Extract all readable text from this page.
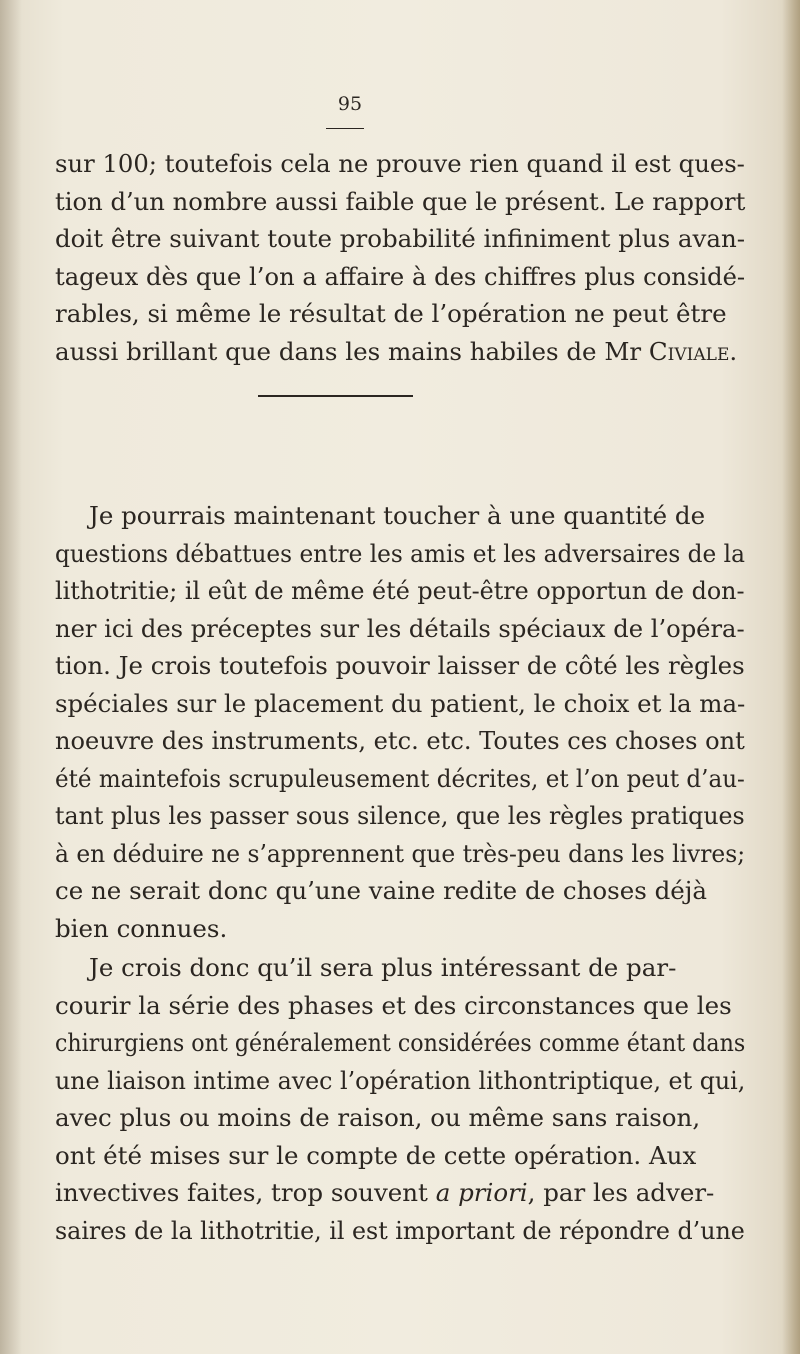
95

sur 100; toutefois cela ne prouve rien quand il est ques-
tion d’un nombre aussi faible que le présent. Le rapport
doit être suivant toute probabilité infiniment plus avan-
tageux dès que l’on a affaire à des chiffres plus considé-
rables, si même le résultat de l’opération ne peut être
aussi brillant que dans les mains habiles de Mr Civiale.

Je pourrais maintenant toucher à une quantité de
questions débattues entre les amis et les adversaires de la
lithotritie; il eût de même été peut-être opportun de don-
ner ici des préceptes sur les détails spéciaux de l’opéra-
tion. Je crois toutefois pouvoir laisser de côté les règles
spéciales sur le placement du patient, le choix et la ma-
noeuvre des instruments, etc. etc. Toutes ces choses ont
été maintefois scrupuleusement décrites, et l’on peut d’au-
tant plus les passer sous silence, que les règles pratiques
à en déduire ne s’apprennent que très-peu dans les livres;
ce ne serait donc qu’une vaine redite de choses déjà
bien connues.

Je crois donc qu’il sera plus intéressant de par-
courir la série des phases et des circonstances que les
chirurgiens ont généralement considérées comme étant dans
une liaison intime avec l’opération lithontriptique, et qui,
avec plus ou moins de raison, ou même sans raison,
ont été mises sur le compte de cette opération. Aux
invectives faites, trop souvent a priori, par les adver-
saires de la lithotritie, il est important de répondre d’une
